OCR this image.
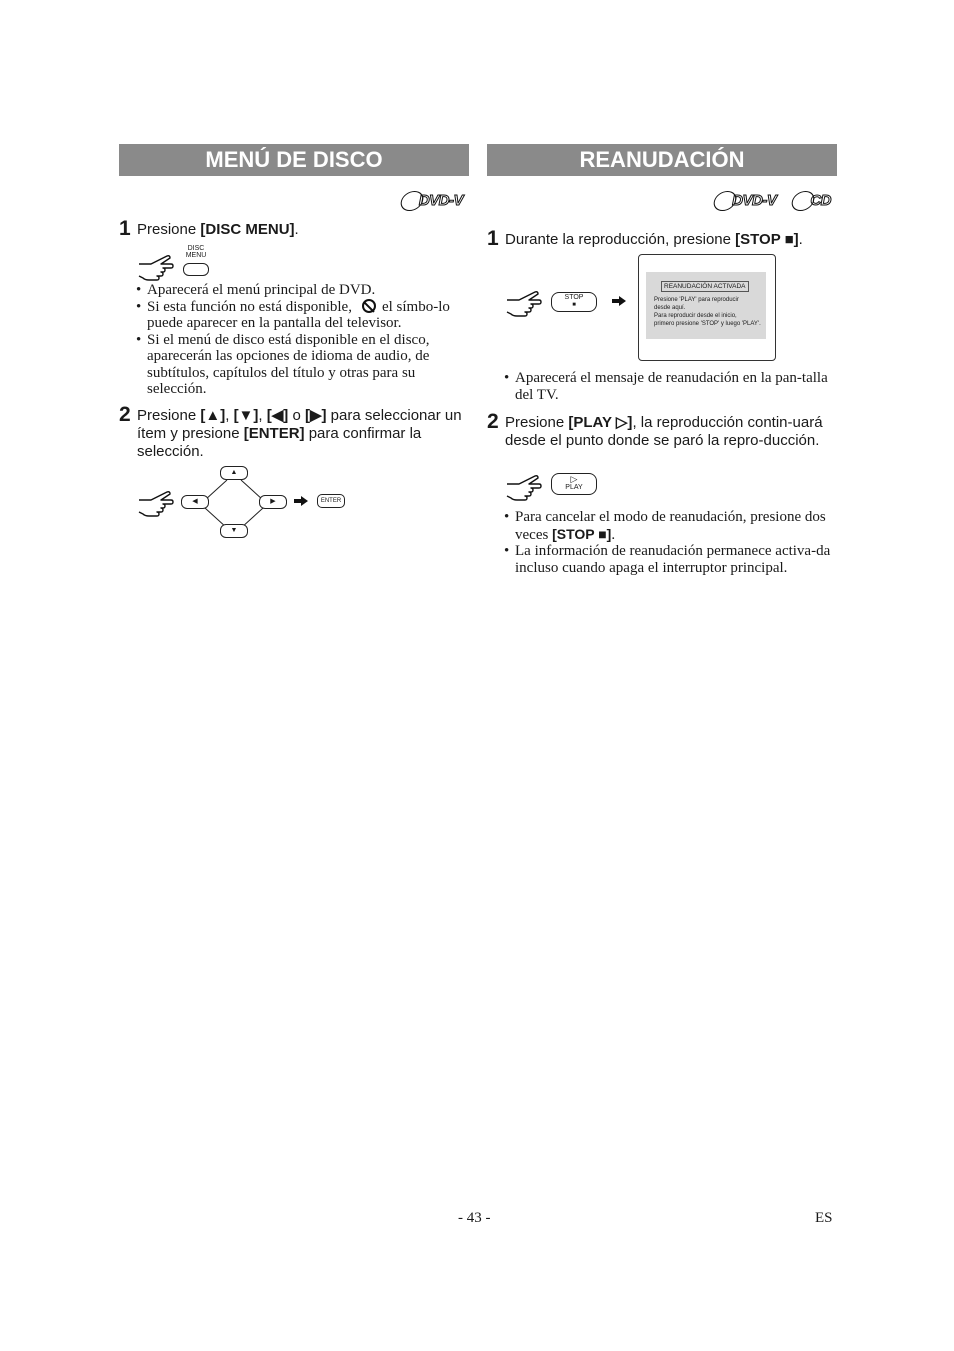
MENÚ DE DISCO
DVD-V
1 Presione [DISC MENU].
DISC
MENU
• Aparecerá el menú principal de DVD.
• Si esta función no está disponible, el símbo-lo puede aparecer en la pantalla del televisor.
• Si el menú de disco está disponible en el disco, aparecerán las opciones de idioma de audio, de subtítulos, capítulos del título y otras para su selección.
2 Presione [▲], [▼], [◀] o [▶] para seleccionar un ítem y presione [ENTER] para confirmar la selección.
▲
▼
◀	▶	ENTER
REANUDACIÓN
DVD-V	CD
1 Durante la reproducción, presione [STOP ■].
STOP
■
REANUDACIÓN ACTIVADA
Presione 'PLAY' para reproducir
desde aquí.
Para reproducir desde el inicio,
primero presione 'STOP' y luego 'PLAY'.
• Aparecerá el mensaje de reanudación en la pan-talla del TV.
2 Presione [PLAY ▷], la reproducción contin-uará desde el punto donde se paró la repro-ducción.
▷
PLAY
• Para cancelar el modo de reanudación, presione dos veces [STOP ■].
• La información de reanudación permanece activa-da incluso cuando apaga el interruptor principal.
- 43 -	ES
